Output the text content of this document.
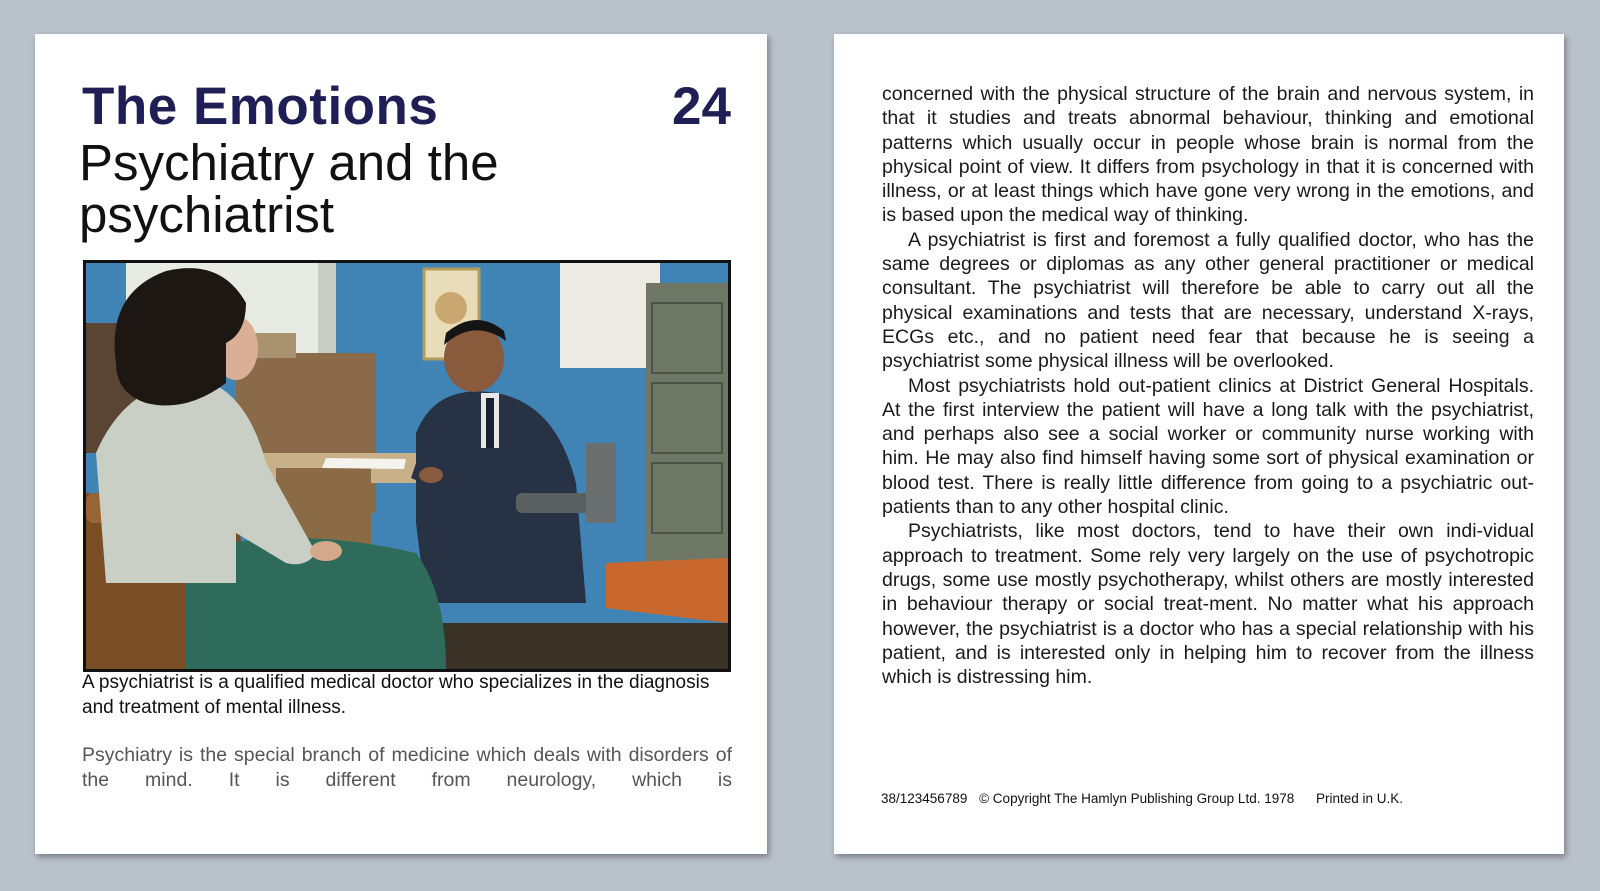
The Emotions	24
Psychiatry and the psychiatrist
A psychiatrist is a qualified medical doctor who specializes in the diagnosis and treatment of mental illness.
Psychiatry is the special branch of medicine which deals with disorders of the mind. It is different from neurology, which is

concerned with the physical structure of the brain and nervous system, in that it studies and treats abnormal behaviour, thinking and emotional patterns which usually occur in people whose brain is normal from the physical point of view. It differs from psychology in that it is concerned with illness, or at least things which have gone very wrong in the emotions, and is based upon the medical way of thinking.

A psychiatrist is first and foremost a fully qualified doctor, who has the same degrees or diplomas as any other general practitioner or medical consultant. The psychiatrist will therefore be able to carry out all the physical examinations and tests that are necessary, understand X-rays, ECGs etc., and no patient need fear that because he is seeing a psychiatrist some physical illness will be overlooked.

Most psychiatrists hold out-patient clinics at District General Hospitals. At the first interview the patient will have a long talk with the psychiatrist, and perhaps also see a social worker or community nurse working with him. He may also find himself having some sort of physical examination or blood test. There is really little difference from going to a psychiatric out-patients than to any other hospital clinic.

Psychiatrists, like most doctors, tend to have their own indi-vidual approach to treatment. Some rely very largely on the use of psychotropic drugs, some use mostly psychotherapy, whilst others are mostly interested in behaviour therapy or social treat-ment. No matter what his approach however, the psychiatrist is a doctor who has a special relationship with his patient, and is interested only in helping him to recover from the illness which is distressing him.

38/123456789 © Copyright The Hamlyn Publishing Group Ltd. 1978 Printed in U.K.
